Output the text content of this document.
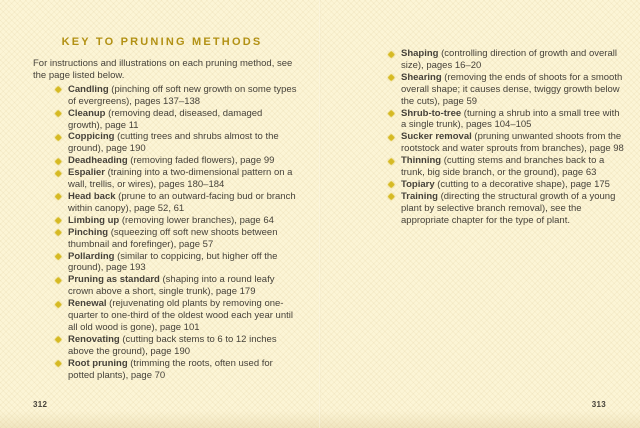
KEY TO PRUNING METHODS

For instructions and illustrations on each pruning method, see the page listed below.

Candling (pinching off soft new growth on some types of evergreens), pages 137–138
Cleanup (removing dead, diseased, damaged growth), page 11
Coppicing (cutting trees and shrubs almost to the ground), page 190
Deadheading (removing faded flowers), page 99
Espalier (training into a two-dimensional pattern on a wall, trellis, or wires), pages 180–184
Head back (prune to an outward-facing bud or branch within canopy), page 52, 61
Limbing up (removing lower branches), page 64
Pinching (squeezing off soft new shoots between thumbnail and forefinger), page 57
Pollarding (similar to coppicing, but higher off the ground), page 193
Pruning as standard (shaping into a round leafy crown above a short, single trunk), page 179
Renewal (rejuvenating old plants by removing one-quarter to one-third of the oldest wood each year until all old wood is gone), page 101
Renovating (cutting back stems to 6 to 12 inches above the ground), page 190
Root pruning (trimming the roots, often used for potted plants), page 70
312
Shaping (controlling direction of growth and overall size), pages 16–20
Shearing (removing the ends of shoots for a smooth overall shape; it causes dense, twiggy growth below the cuts), page 59
Shrub-to-tree (turning a shrub into a small tree with a single trunk), pages 104–105
Sucker removal (pruning unwanted shoots from the rootstock and water sprouts from branches), page 98
Thinning (cutting stems and branches back to a trunk, big side branch, or the ground), page 63
Topiary (cutting to a decorative shape), page 175
Training (directing the structural growth of a young plant by selective branch removal), see the appropriate chapter for the type of plant.
313
